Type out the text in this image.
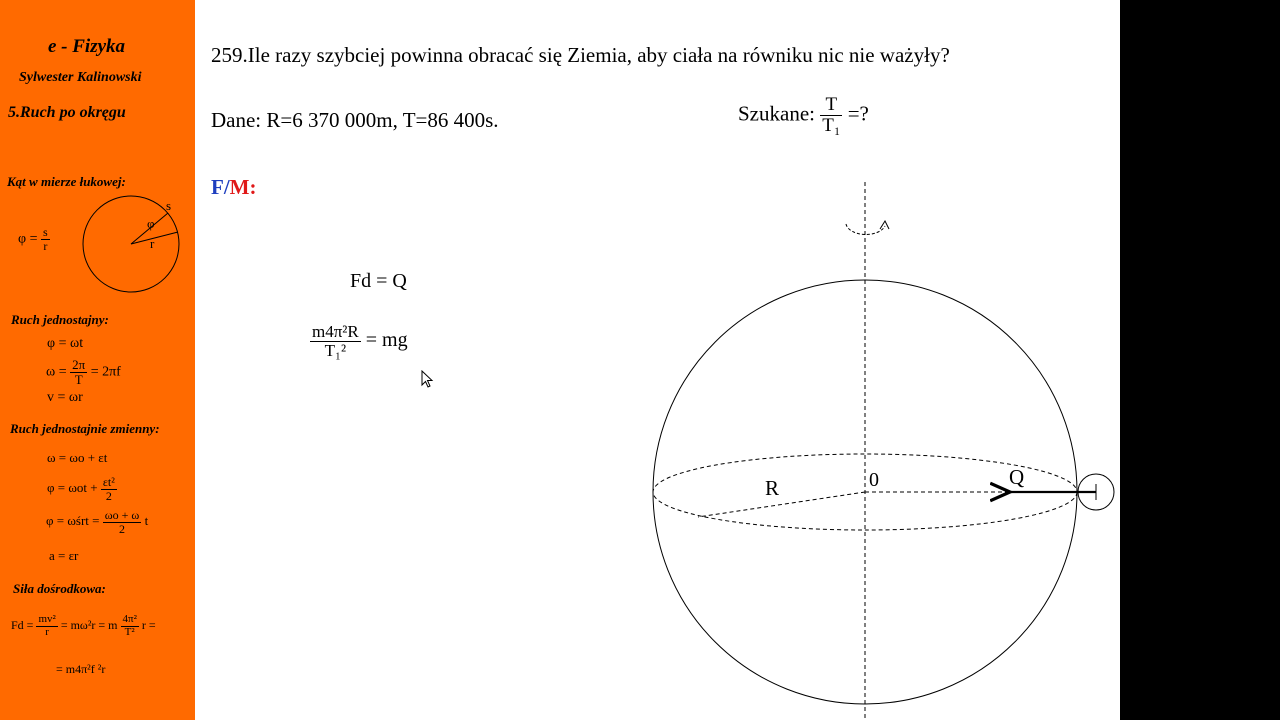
e - Fizyka
Sylwester Kalinowski
5.Ruch po okręgu
Kąt w mierze łukowej:
$\varphi = \frac{s}{r}$
s
φ
r
Ruch jednostajny:
φ = ωt
$\omega = \frac{2\pi}{T} = 2\pi f$
v = ωr
Ruch jednostajnie zmienny:
ω = ωo + εt
$\varphi = \omega ot + \frac{\text{εt²}}{2}$
φ = ωśrt = $\frac{\omega o + \omega}{2}$ t
a = εr
Siła dośrodkowa:
$Fd = \frac{\text{mv²}}{r} = m\omega^2r = m \frac{\text{4π²}}{\text{T²}}$ r =
= m4π²f ²r
259.Ile razy szybciej powinna obracać się Ziemia, aby ciała na równiku nic nie ważyły?
Dane: R=6 370 000m, T=86 400s.	Szukane: $\frac{T}{\text{T₁}}$ =?
F/M:
Fd = Q
$\frac{\text{m4π²R}}{\text{T₁²}}$ = mg
0
R	Q
